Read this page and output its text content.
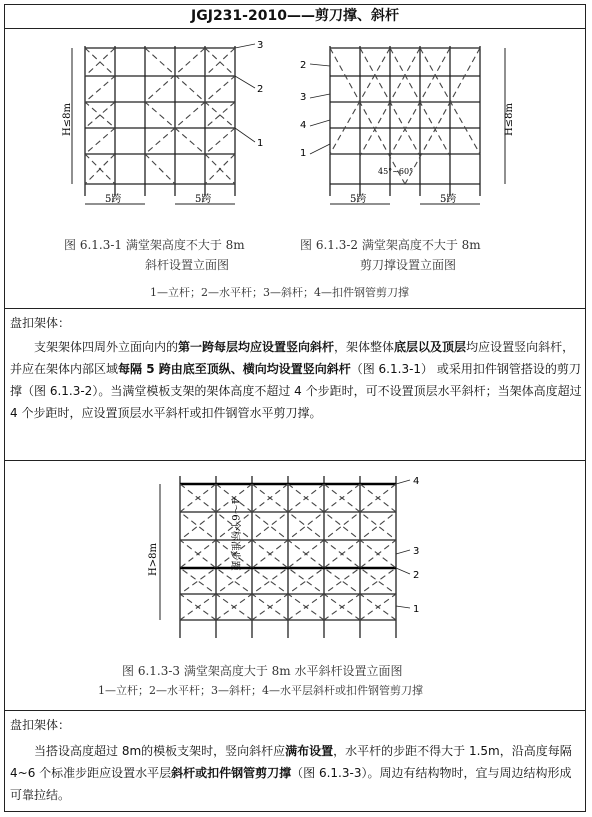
JGJ231-2010——剪刀撑、斜杆
5跨	5跨
H≤8m
3
2
1
5跨	5跨
45°~60°
H≤8m
2
3
4
1
图 6.1.3-1 满堂架高度不大于 8m
斜杆设置立面图
图 6.1.3-2 满堂架高度不大于 8m
剪刀撑设置立面图
1—立杆；2—水平杆；3—斜杆；4—扣件钢管剪刀撑
盘扣架体：
支架架体四周外立面向内的第一跨每层均应设置竖向斜杆，架体整体底层以及顶层均应设置竖向斜杆，并应在架体内部区域每隔 5 跨由底至顶纵、横向均设置竖向斜杆（图 6.1.3-1） 或采用扣件钢管搭设的剪刀撑（图 6.1.3-2）。当满堂模板支架的架体高度不超过 4 个步距时，可不设置顶层水平斜杆；当架体高度超过 4 个步距时，应设置顶层水平斜杆或扣件钢管水平剪刀撑。
4～6个标准步距
H>8m
4
3
2
1
图 6.1.3-3 满堂架高度大于 8m 水平斜杆设置立面图
1—立杆；2—水平杆；3—斜杆；4—水平层斜杆或扣件钢管剪刀撑
盘扣架体：
当搭设高度超过 8m的模板支架时，竖向斜杆应满布设置，水平杆的步距不得大于 1.5m，沿高度每隔 4~6 个标准步距应设置水平层斜杆或扣件钢管剪刀撑（图 6.1.3-3）。周边有结构物时，宜与周边结构形成可靠拉结。
